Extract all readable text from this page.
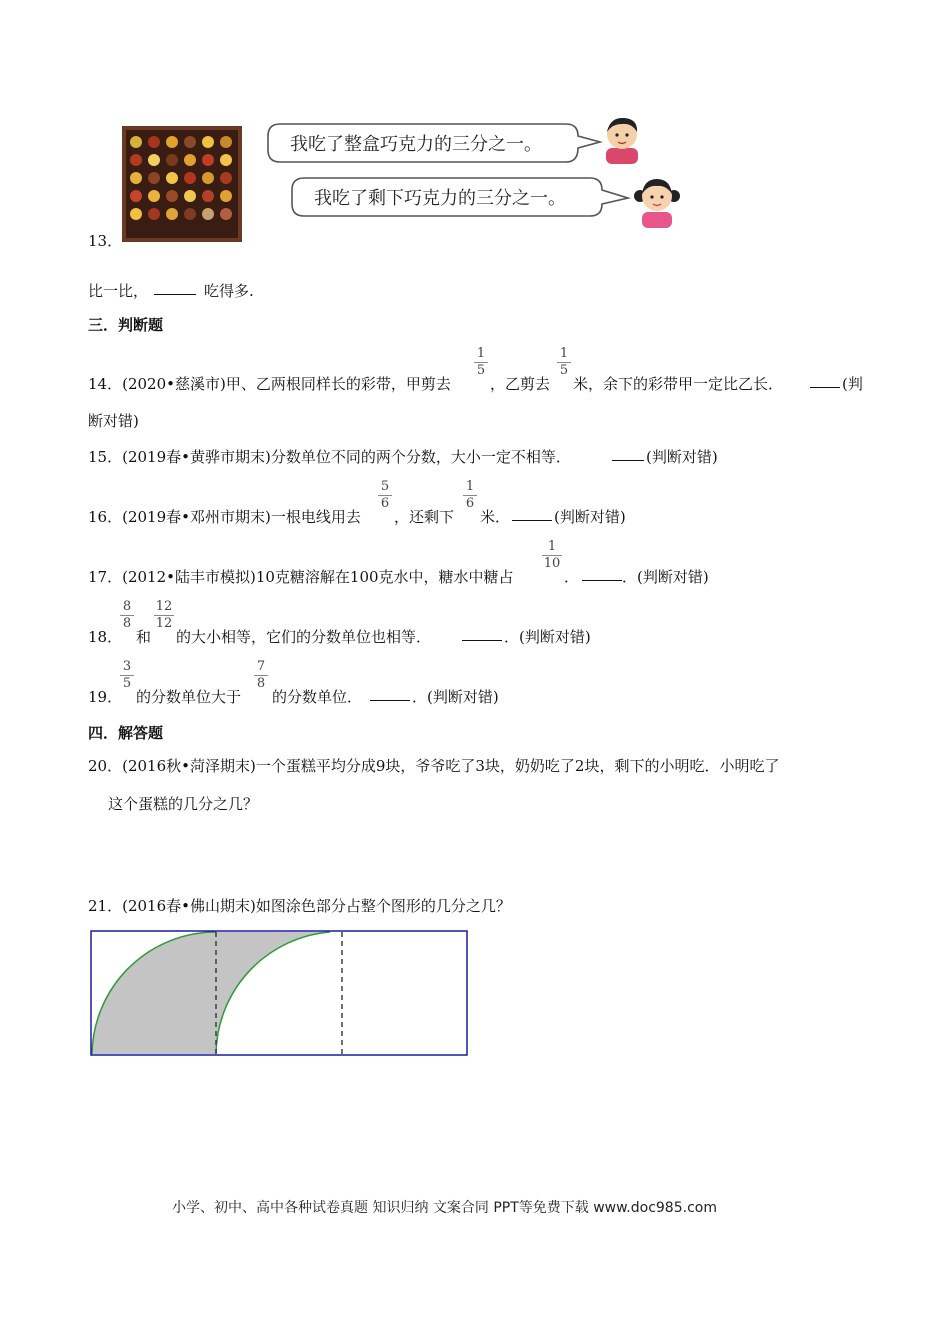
我吃了整盒巧克力的三分之一。
我吃了剩下巧克力的三分之一。
13．
比一比，	吃得多.
三．判断题
14．(2020•慈溪市)甲、乙两根同样长的彩带，甲剪去
1
5
，乙剪去
1
5
米，余下的彩带甲一定比乙长．	(判
断对错)
15．(2019春•黄骅市期末)分数单位不同的两个分数，大小一定不相等．	(判断对错)
16．(2019春•邓州市期末)一根电线用去
5
6
，还剩下
1
6
米．	(判断对错)
17．(2012•陆丰市模拟)10克糖溶解在100克水中，糖水中糖占
1
10
．	．(判断对错)
18．
8
8
和
12
12
的大小相等，它们的分数单位也相等．	．(判断对错)
19．
3
5
的分数单位大于
7
8
的分数单位．	．(判断对错)
四．解答题
20．(2016秋•菏泽期末)一个蛋糕平均分成9块，爷爷吃了3块，奶奶吃了2块，剩下的小明吃．小明吃了
这个蛋糕的几分之几？
21．(2016春•佛山期末)如图涂色部分占整个图形的几分之几？
小学、初中、高中各种试卷真题 知识归纳 文案合同 PPT等免费下载 www.doc985.com
